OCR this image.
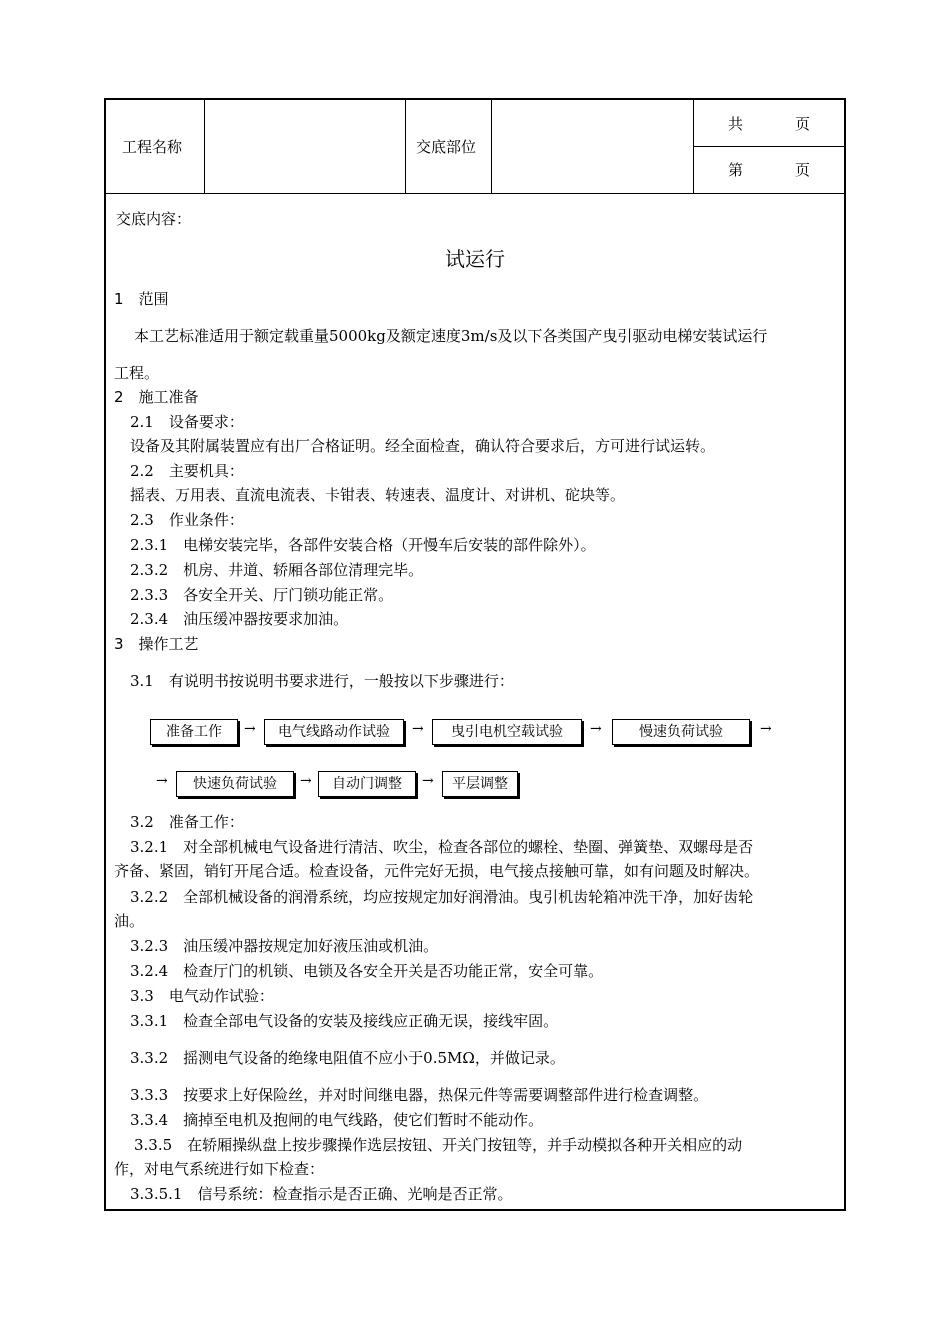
工程名称	交底部位
共	页
第	页
交底内容：
试运行
1　范围
本工艺标准适用于额定载重量5000kg及额定速度3m/s及以下各类国产曳引驱动电梯安装试运行
工程。
2　施工准备
2.1　设备要求：
设备及其附属装置应有出厂合格证明。经全面检查，确认符合要求后，方可进行试运转。
2.2　主要机具：
摇表、万用表、直流电流表、卡钳表、转速表、温度计、对讲机、砣块等。
2.3　作业条件：
2.3.1　电梯安装完毕，各部件安装合格（开慢车后安装的部件除外）。
2.3.2　机房、井道、轿厢各部位清理完毕。
2.3.3　各安全开关、厅门锁功能正常。
2.3.4　油压缓冲器按要求加油。
3　操作工艺
3.1　有说明书按说明书要求进行，一般按以下步骤进行：
准备工作	→	电气线路动作试验	→	曳引电机空载试验	→	慢速负荷试验	→
→	快速负荷试验	→	自动门调整	→	平层调整
3.2　准备工作：
3.2.1　对全部机械电气设备进行清洁、吹尘，检查各部位的螺栓、垫圈、弹簧垫、双螺母是否
齐备、紧固，销钉开尾合适。检查设备，元件完好无损，电气接点接触可靠，如有问题及时解决。
3.2.2　全部机械设备的润滑系统，均应按规定加好润滑油。曳引机齿轮箱冲洗干净，加好齿轮
油。
3.2.3　油压缓冲器按规定加好液压油或机油。
3.2.4　检查厅门的机锁、电锁及各安全开关是否功能正常，安全可靠。
3.3　电气动作试验：
3.3.1　检查全部电气设备的安装及接线应正确无误，接线牢固。
3.3.2　摇测电气设备的绝缘电阻值不应小于0.5MΩ，并做记录。
3.3.3　按要求上好保险丝，并对时间继电器，热保元件等需要调整部件进行检查调整。
3.3.4　摘掉至电机及抱闸的电气线路，使它们暂时不能动作。
3.3.5　在轿厢操纵盘上按步骤操作选层按钮、开关门按钮等，并手动模拟各种开关相应的动
作，对电气系统进行如下检查：
3.3.5.1　信号系统：检查指示是否正确、光响是否正常。
